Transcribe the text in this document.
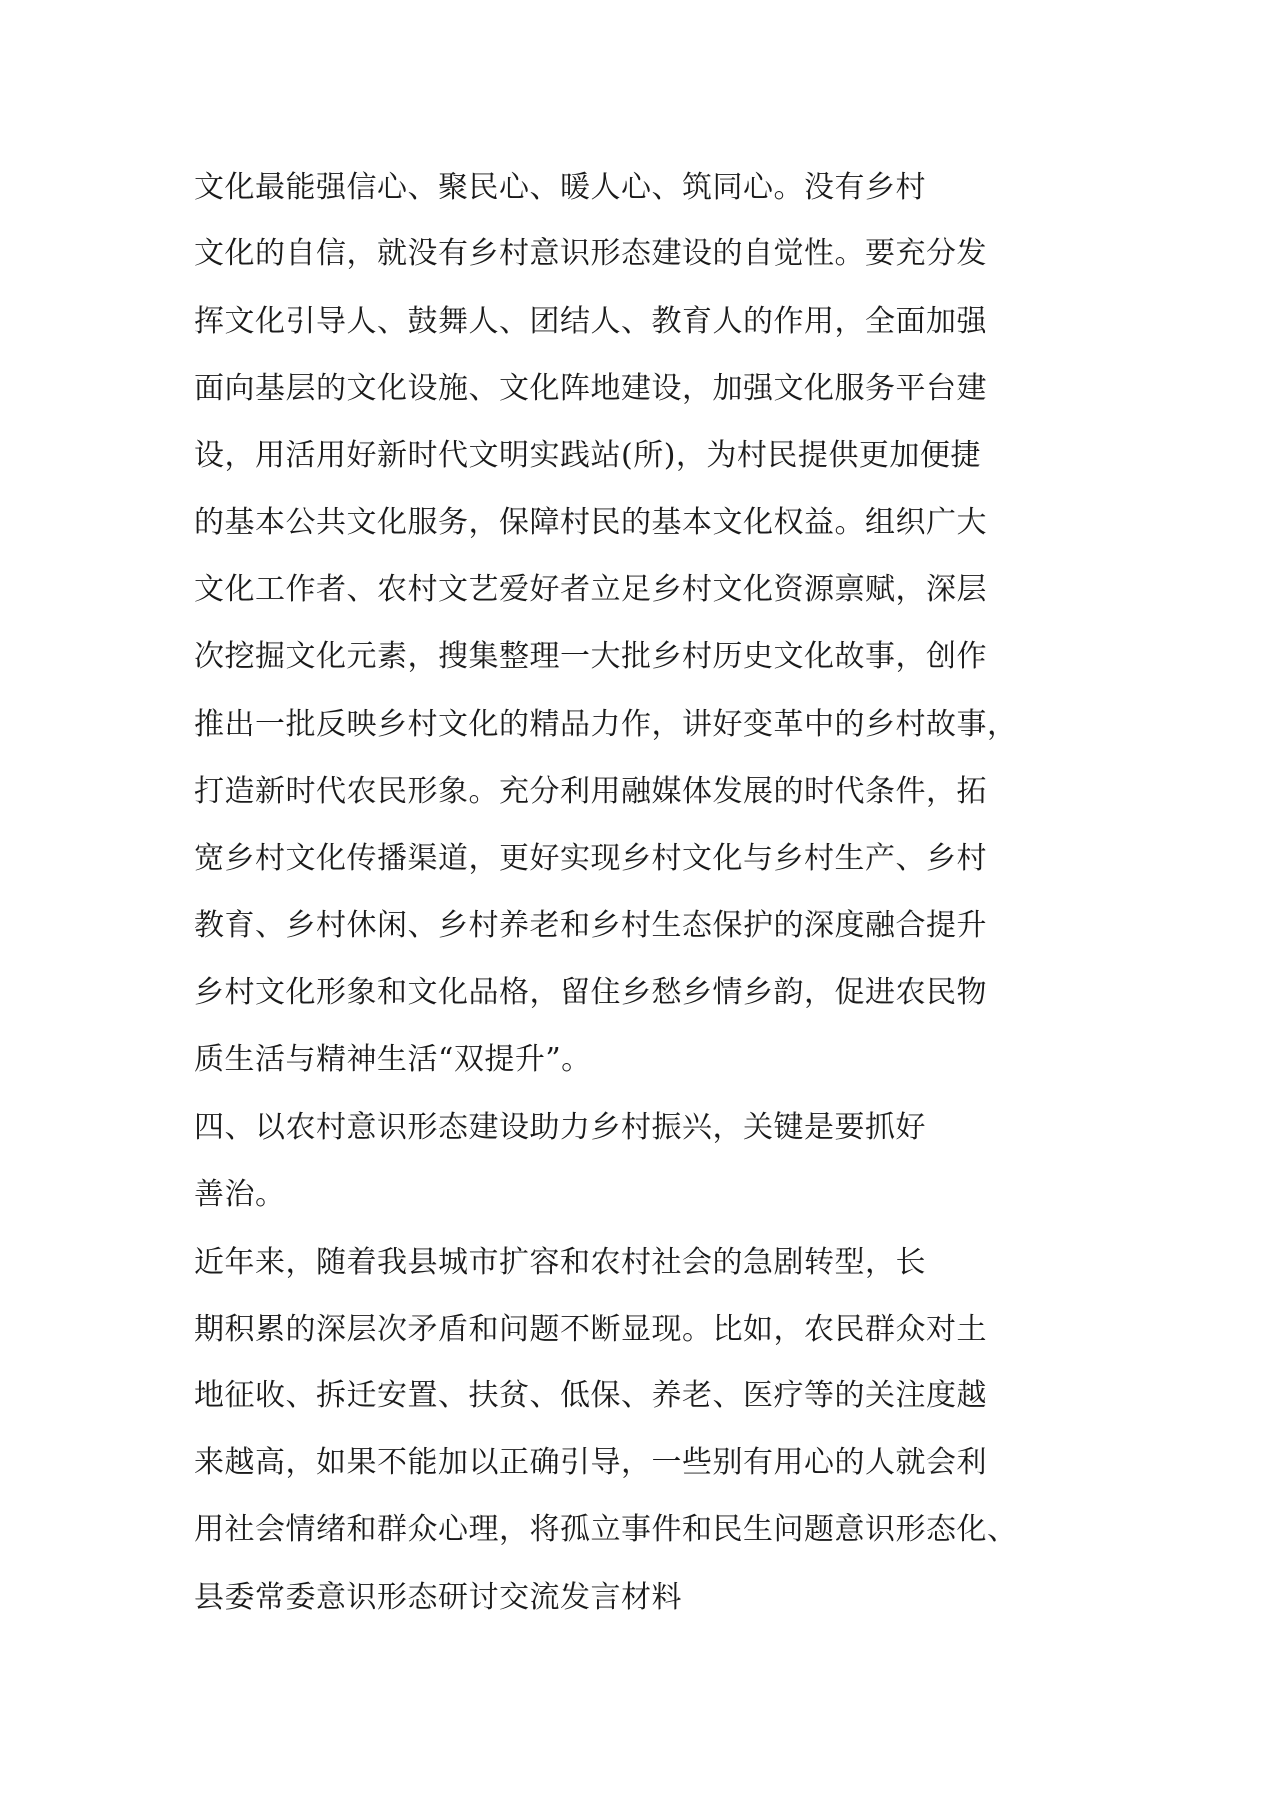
文化最能强信心、聚民心、暖人心、筑同心。没有乡村

文化的自信，就没有乡村意识形态建设的自觉性。要充分发

挥文化引导人、鼓舞人、团结人、教育人的作用，全面加强

面向基层的文化设施、文化阵地建设，加强文化服务平台建

设，用活用好新时代文明实践站(所)，为村民提供更加便捷

的基本公共文化服务，保障村民的基本文化权益。组织广大

文化工作者、农村文艺爱好者立足乡村文化资源禀赋，深层

次挖掘文化元素，搜集整理一大批乡村历史文化故事，创作

推出一批反映乡村文化的精品力作，讲好变革中的乡村故事，

打造新时代农民形象。充分利用融媒体发展的时代条件，拓

宽乡村文化传播渠道，更好实现乡村文化与乡村生产、乡村

教育、乡村休闲、乡村养老和乡村生态保护的深度融合提升

乡村文化形象和文化品格，留住乡愁乡情乡韵，促进农民物

质生活与精神生活“双提升”。

四、以农村意识形态建设助力乡村振兴，关键是要抓好

善治。

近年来，随着我县城市扩容和农村社会的急剧转型，长

期积累的深层次矛盾和问题不断显现。比如，农民群众对土

地征收、拆迁安置、扶贫、低保、养老、医疗等的关注度越

来越高，如果不能加以正确引导，一些别有用心的人就会利

用社会情绪和群众心理，将孤立事件和民生问题意识形态化、

县委常委意识形态研讨交流发言材料
